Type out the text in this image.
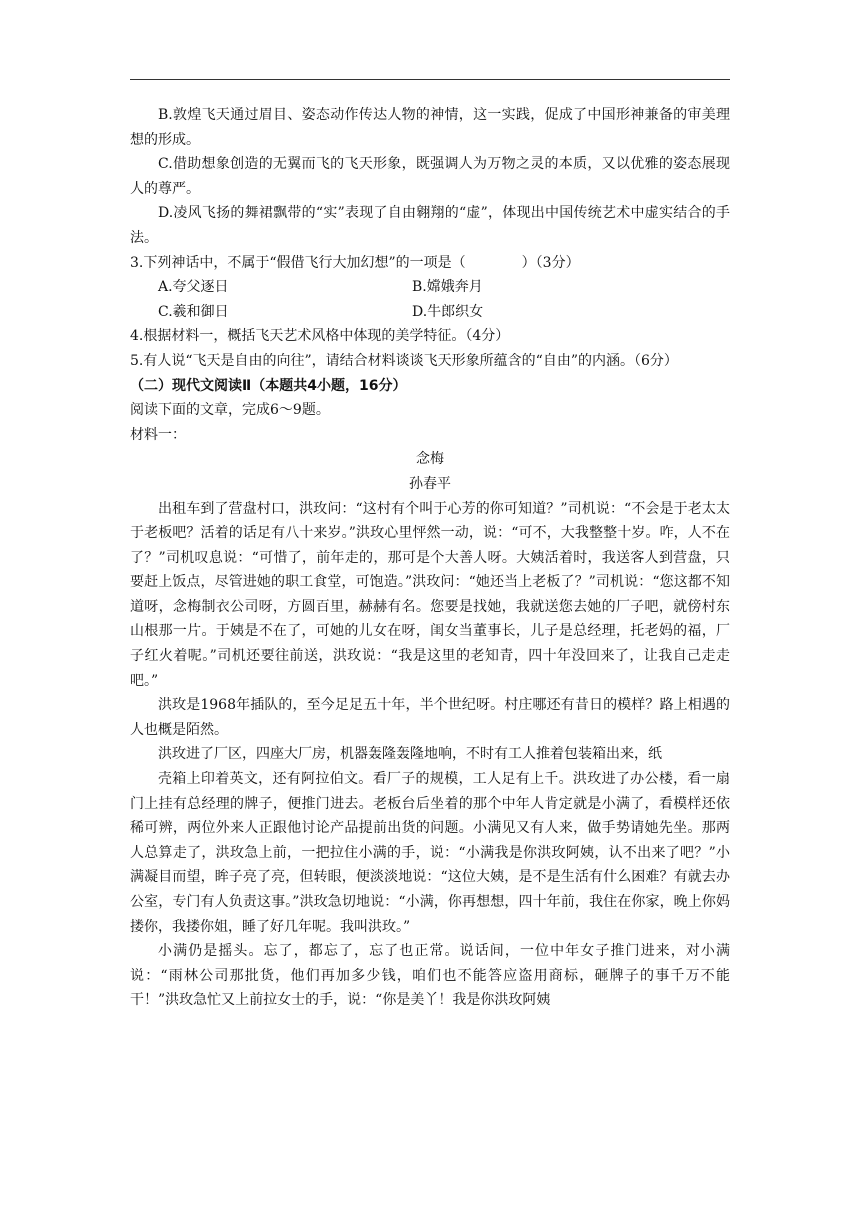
B.敦煌飞天通过眉目、姿态动作传达人物的神情，这一实践，促成了中国形神兼备的审美理想的形成。

C.借助想象创造的无翼而飞的飞天形象，既强调人为万物之灵的本质，又以优雅的姿态展现人的尊严。

D.凌风飞扬的舞裙飘带的“实”表现了自由翱翔的“虚”，体现出中国传统艺术中虚实结合的手法。

3.下列神话中，不属于“假借飞行大加幻想”的一项是（　　　　）（3分）

A.夸父逐日	B.嫦娥奔月
C.羲和御日	D.牛郎织女

4.根据材料一，概括飞天艺术风格中体现的美学特征。（4分）

5.有人说“飞天是自由的向往”，请结合材料谈谈飞天形象所蕴含的“自由”的内涵。（6分）

（二）现代文阅读Ⅱ（本题共4小题，16分）

阅读下面的文章，完成6～9题。

材料一：

念梅

孙春平

出租车到了营盘村口，洪玫问：“这村有个叫于心芳的你可知道？”司机说：“不会是于老太太于老板吧？活着的话足有八十来岁。”洪玫心里怦然一动，说：“可不，大我整整十岁。咋，人不在了？”司机叹息说：“可惜了，前年走的，那可是个大善人呀。大姨活着时，我送客人到营盘，只要赶上饭点，尽管进她的职工食堂，可饱造。”洪玫问：“她还当上老板了？”司机说：“您这都不知道呀，念梅制衣公司呀，方圆百里，赫赫有名。您要是找她，我就送您去她的厂子吧，就傍村东山根那一片。于姨是不在了，可她的儿女在呀，闺女当董事长，儿子是总经理，托老妈的福，厂子红火着呢。”司机还要往前送，洪玫说：“我是这里的老知青，四十年没回来了，让我自己走走吧。”

洪玫是1968年插队的，至今足足五十年，半个世纪呀。村庄哪还有昔日的模样？路上相遇的人也概是陌然。

洪玫进了厂区，四座大厂房，机器轰隆轰隆地响，不时有工人推着包装箱出来，纸

壳箱上印着英文，还有阿拉伯文。看厂子的规模，工人足有上千。洪玫进了办公楼，看一扇门上挂有总经理的牌子，便推门进去。老板台后坐着的那个中年人肯定就是小满了，看模样还依稀可辨，两位外来人正跟他讨论产品提前出货的问题。小满见又有人来，做手势请她先坐。那两人总算走了，洪玫急上前，一把拉住小满的手，说：“小满我是你洪玫阿姨，认不出来了吧？”小满凝目而望，眸子亮了亮，但转眼，便淡淡地说：“这位大姨，是不是生活有什么困难？有就去办公室，专门有人负责这事。”洪玫急切地说：“小满，你再想想，四十年前，我住在你家，晚上你妈搂你，我搂你姐，睡了好几年呢。我叫洪玫。”

小满仍是摇头。忘了，都忘了，忘了也正常。说话间，一位中年女子推门进来，对小满说：“雨林公司那批货，他们再加多少钱，咱们也不能答应盗用商标，砸牌子的事千万不能干！”洪玫急忙又上前拉女士的手，说：“你是美丫！我是你洪玫阿姨
